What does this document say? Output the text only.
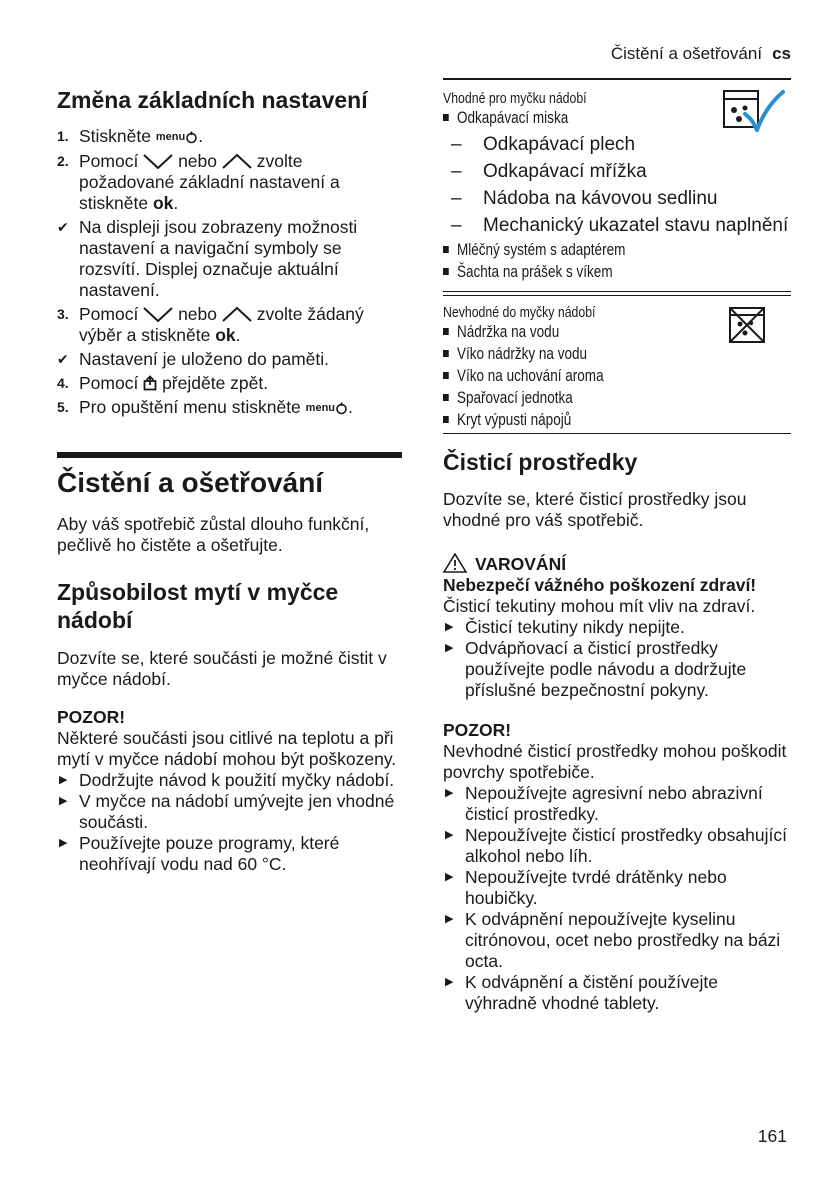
Čistění a ošetřování cs
Změna základních nastavení
1. Stiskněte menu .
2. Pomocí nebo zvolte požadované základní nastavení a stiskněte ok.
✔ Na displeji jsou zobrazeny možnosti nastavení a navigační symboly se rozsvítí. Displej označuje aktuální nastavení.
3. Pomocí nebo zvolte žádaný výběr a stiskněte ok.
✔ Nastavení je uloženo do paměti.
4. Pomocí přejděte zpět.
5. Pro opuštění menu stiskněte menu .
Čistění a ošetřování

Aby váš spotřebič zůstal dlouho funkční, pečlivě ho čistěte a ošetřujte.

Způsobilost mytí v myčce nádobí

Dozvíte se, které součásti je možné čistit v myčce nádobí.

POZOR!

Některé součásti jsou citlivé na teplotu a při mytí v myčce nádobí mohou být poškozeny.

▶ Dodržujte návod k použití myčky nádobí.
▶ V myčce na nádobí umývejte jen vhodné součásti.
▶ Používejte pouze programy, které neohřívají vodu nad 60 °C.
Vhodné pro myčku nádobí
Odkapávací miska
– Odkapávací plech
– Odkapávací mřížka
– Nádoba na kávovou sedlinu
– Mechanický ukazatel stavu naplnění
Mléčný systém s adaptérem
Šachta na prášek s víkem
Nevhodné do myčky nádobí
Nádržka na vodu
Víko nádržky na vodu
Víko na uchování aroma
Spařovací jednotka
Kryt výpusti nápojů
Čisticí prostředky

Dozvíte se, které čisticí prostředky jsou vhodné pro váš spotřebič.

VAROVÁNÍ
Nebezpečí vážného poškození zdraví!

Čisticí tekutiny mohou mít vliv na zdraví.

▶ Čisticí tekutiny nikdy nepijte.
▶ Odvápňovací a čisticí prostředky používejte podle návodu a dodržujte příslušné bezpečnostní pokyny.
POZOR!

Nevhodné čisticí prostředky mohou poškodit povrchy spotřebiče.

▶ Nepoužívejte agresivní nebo abrazivní čisticí prostředky.
▶ Nepoužívejte čisticí prostředky obsahující alkohol nebo líh.
▶ Nepoužívejte tvrdé drátěnky nebo houbičky.
▶ K odvápnění nepoužívejte kyselinu citrónovou, ocet nebo prostředky na bázi octa.
▶ K odvápnění a čistění používejte výhradně vhodné tablety.
161
